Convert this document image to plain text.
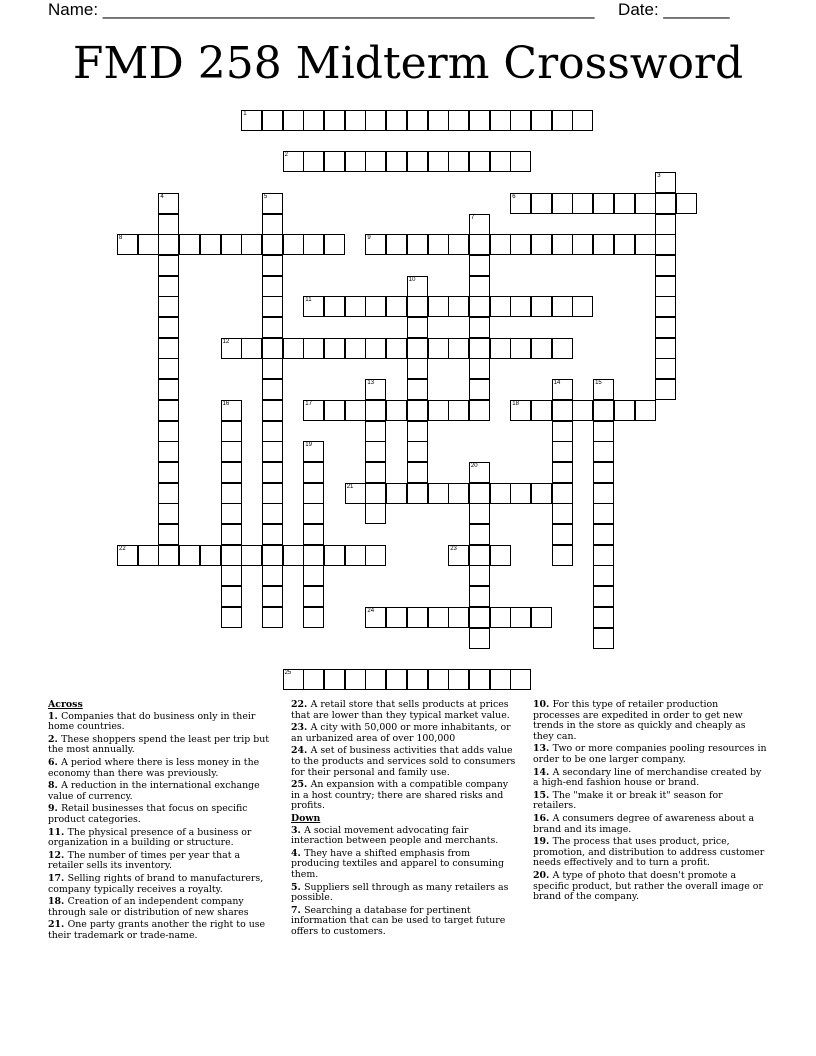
Name: ____________________________________________________     Date: _______
FMD 258 Midterm Crossword
1
2
3
4	5	6
7
8	9
10
11
12
13	14	15
16	17	18
19
20
21
22	23
24
25
Across
1. Companies that do business only in their home countries.
2. These shoppers spend the least per trip but the most annually.
6. A period where there is less money in the economy than there was previously.
8. A reduction in the international exchange value of currency.
9. Retail businesses that focus on specific product categories.
11. The physical presence of a business or organization in a building or structure.
12. The number of times per year that a retailer sells its inventory.
17. Selling rights of brand to manufacturers, company typically receives a royalty.
18. Creation of an independent company through sale or distribution of new shares
21. One party grants another the right to use their trademark or trade-name.
22. A retail store that sells products at prices that are lower than they typical market value.
23. A city with 50,000 or more inhabitants, or an urbanized area of over 100,000
24. A set of business activities that adds value to the products and services sold to consumers for their personal and family use.
25. An expansion with a compatible company in a host country; there are shared risks and profits.
Down
3. A social movement advocating fair interaction between people and merchants.
4. They have a shifted emphasis from producing textiles and apparel to consuming them.
5. Suppliers sell through as many retailers as possible.
7. Searching a database for pertinent information that can be used to target future offers to customers.
10. For this type of retailer production processes are expedited in order to get new trends in the store as quickly and cheaply as they can.
13. Two or more companies pooling resources in order to be one larger company.
14. A secondary line of merchandise created by a high-end fashion house or brand.
15. The "make it or break it" season for retailers.
16. A consumers degree of awareness about a brand and its image.
19. The process that uses product, price, promotion, and distribution to address customer needs effectively and to turn a profit.
20. A type of photo that doesn't promote a specific product, but rather the overall image or brand of the company.
